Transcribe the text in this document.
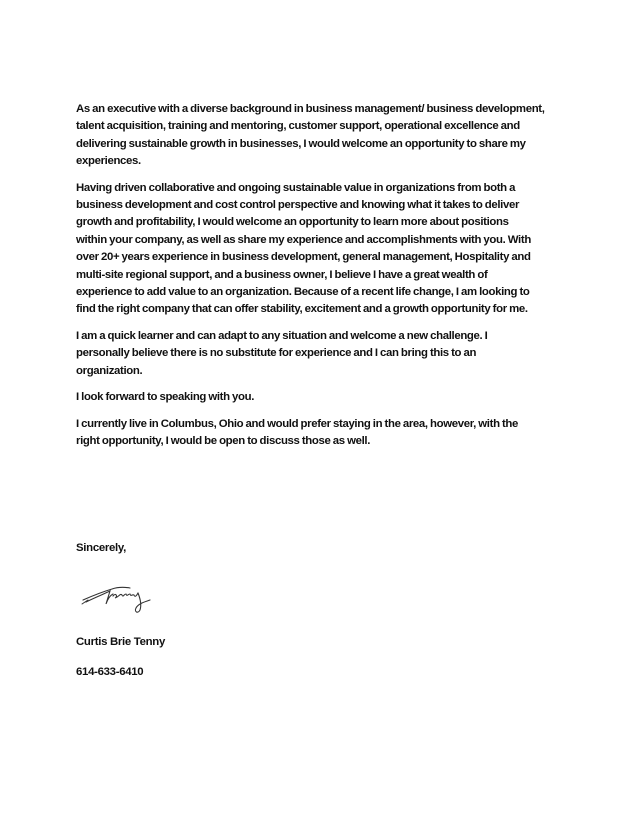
As an executive with a diverse background in business management/ business development,
talent acquisition, training and mentoring, customer support, operational excellence and
delivering sustainable growth in businesses, I would welcome an opportunity to share my
experiences.

Having driven collaborative and ongoing sustainable value in organizations from both a
business development and cost control perspective and knowing what it takes to deliver
growth and profitability, I would welcome an opportunity to learn more about positions
within your company, as well as share my experience and accomplishments with you. With
over 20+ years experience in business development, general management, Hospitality and
multi-site regional support, and a business owner, I believe I have a great wealth of
experience to add value to an organization. Because of a recent life change, I am looking to
find the right company that can offer stability, excitement and a growth opportunity for me.

I am a quick learner and can adapt to any situation and welcome a new challenge. I
personally believe there is no substitute for experience and I can bring this to an
organization.

I look forward to speaking with you.

I currently live in Columbus, Ohio and would prefer staying in the area, however, with the
right opportunity, I would be open to discuss those as well.

Sincerely,
Curtis Brie Tenny
614-633-6410
